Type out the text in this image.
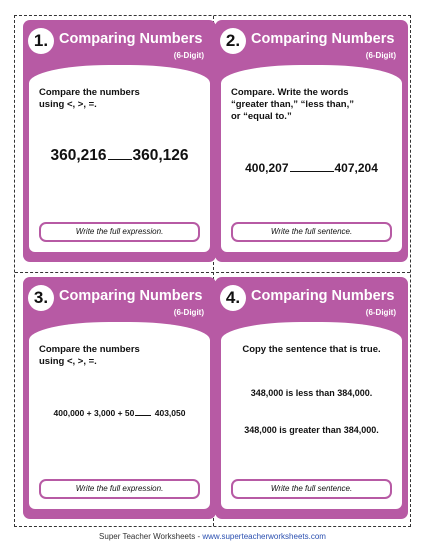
1. Comparing Numbers
(6-Digit)
Compare the numbers using <, >, =.
360,216 360,126
Write the full expression.
2. Comparing Numbers
(6-Digit)
Compare. Write the words
“greater than,” “less than,”
or “equal to.”
400,207	407,204
Write the full sentence.
3. Comparing Numbers
(6-Digit)
Compare the numbers using <, >, =.
400,000 + 3,000 + 50 403,050
Write the full expression.
4. Comparing Numbers
(6-Digit)
Copy the sentence that is true.
348,000 is less than 384,000.
348,000 is greater than 384,000.
Write the full sentence.
Super Teacher Worksheets - www.superteacherworksheets.com
